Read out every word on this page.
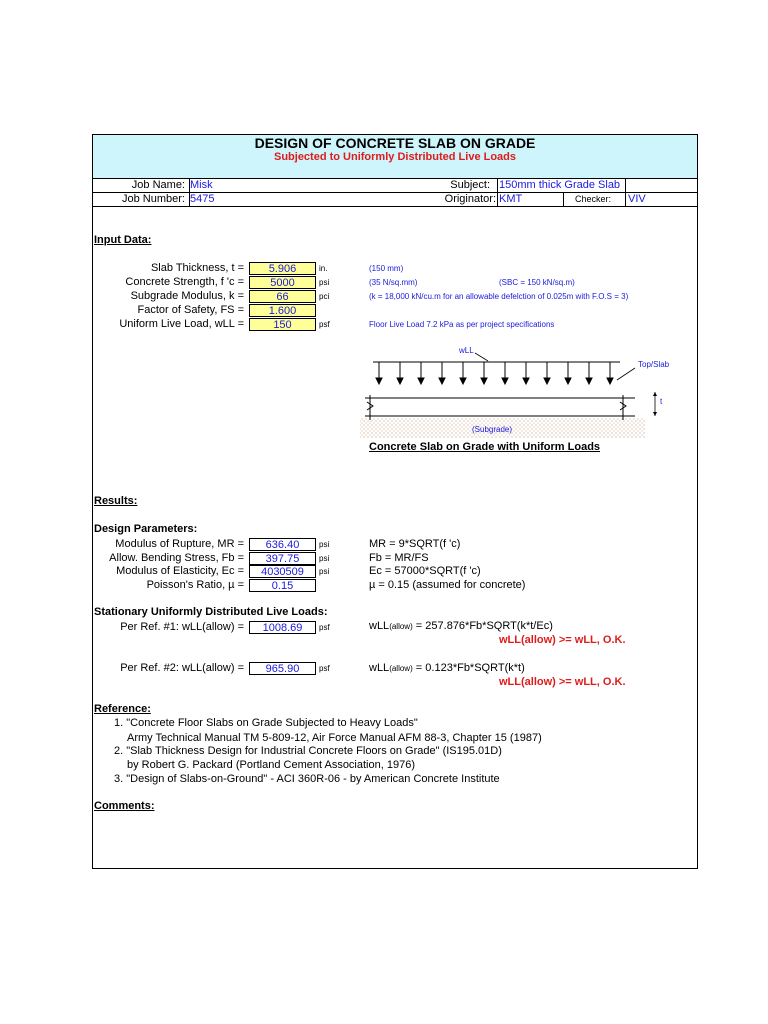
DESIGN OF CONCRETE SLAB ON GRADE
Subjected to Uniformly Distributed Live Loads
Job Name: Misk	Subject: 150mm thick Grade Slab
Job Number: 5475	Originator: KMT	Checker: VIV
Input Data:
Slab Thickness, t =	5.906	in.	(150 mm)
Concrete Strength, f 'c =	5000	psi	(35 N/sq.mm)	(SBC = 150 kN/sq.m)
Subgrade Modulus, k =	66	pci	(k = 18,000 kN/cu.m for an allowable defelction of 0.025m with F.O.S = 3)
Factor of Safety, FS =	1.600
Uniform Live Load, wLL =	150	psf	Floor Live Load 7.2 kPa as per project specifications
wLL
Top/Slab
t
(Subgrade)
Concrete Slab on Grade with Uniform Loads
Results:
Design Parameters:
Modulus of Rupture, MR =	636.40	psi	MR = 9*SQRT(f 'c)
Allow. Bending Stress, Fb =	397.75	psi	Fb = MR/FS
Modulus of Elasticity, Ec =	4030509	psi	Ec = 57000*SQRT(f 'c)
Poisson's Ratio, µ =	0.15	µ = 0.15 (assumed for concrete)
Stationary Uniformly Distributed Live Loads:
Per Ref. #1: wLL(allow) =	1008.69	psf	wLL(allow) = 257.876*Fb*SQRT(k*t/Ec)
wLL(allow) >= wLL, O.K.
Per Ref. #2: wLL(allow) =	965.90	psf	wLL(allow) = 0.123*Fb*SQRT(k*t)
wLL(allow) >= wLL, O.K.
Reference:
1. "Concrete Floor Slabs on Grade Subjected to Heavy Loads"
Army Technical Manual TM 5-809-12, Air Force Manual AFM 88-3, Chapter 15 (1987)
2. "Slab Thickness Design for Industrial Concrete Floors on Grade" (IS195.01D)
by Robert G. Packard (Portland Cement Association, 1976)
3. "Design of Slabs-on-Ground" - ACI 360R-06 - by American Concrete Institute
Comments:
